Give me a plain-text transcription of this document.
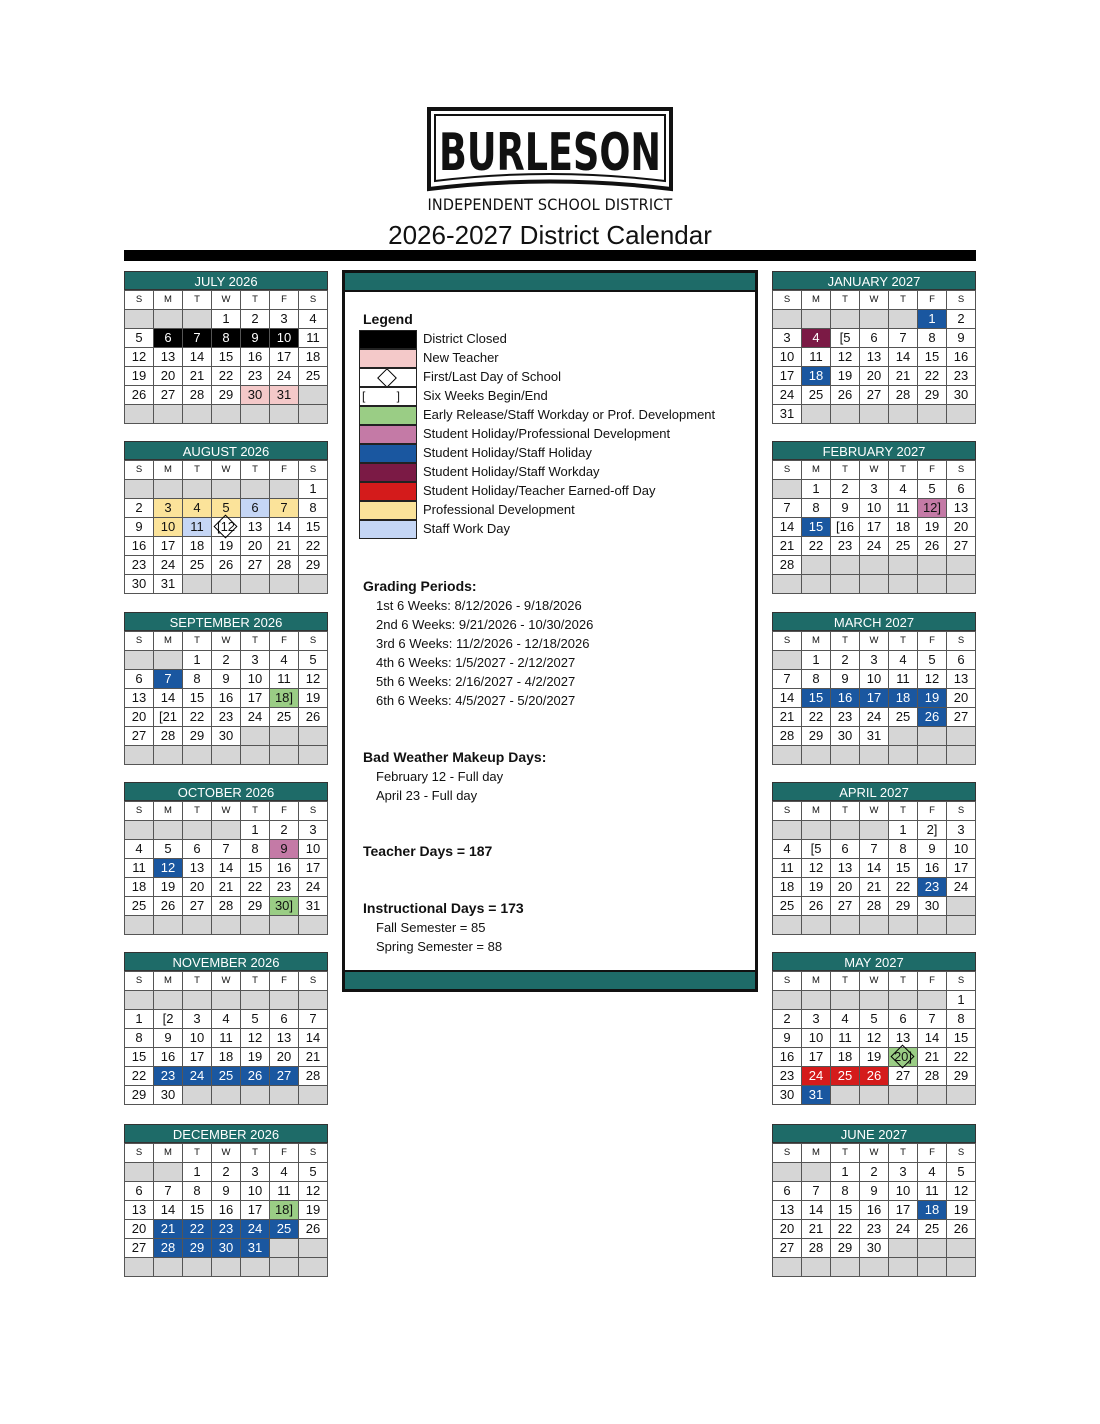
BURLESON
INDEPENDENT SCHOOL DISTRICT
2026-2027 District Calendar
JULY 2026
S	M	T	W	T	F	S
			1	2	3	4
5	6	7	8	9	10	11
12	13	14	15	16	17	18
19	20	21	22	23	24	25
26	27	28	29	30	31	

AUGUST 2026
S	M	T	W	T	F	S
						1
2	3	4	5	6	7	8
9	10	11	[12	13	14	15
16	17	18	19	20	21	22
23	24	25	26	27	28	29
30	31					
SEPTEMBER 2026
S	M	T	W	T	F	S
		1	2	3	4	5
6	7	8	9	10	11	12
13	14	15	16	17	18]	19
20	[21	22	23	24	25	26
27	28	29	30			

OCTOBER 2026
S	M	T	W	T	F	S
				1	2	3
4	5	6	7	8	9	10
11	12	13	14	15	16	17
18	19	20	21	22	23	24
25	26	27	28	29	30]	31

NOVEMBER 2026
S	M	T	W	T	F	S

1	[2	3	4	5	6	7
8	9	10	11	12	13	14
15	16	17	18	19	20	21
22	23	24	25	26	27	28
29	30					
DECEMBER 2026
S	M	T	W	T	F	S
		1	2	3	4	5
6	7	8	9	10	11	12
13	14	15	16	17	18]	19
20	21	22	23	24	25	26
27	28	29	30	31		

JANUARY 2027
S	M	T	W	T	F	S
					1	2
3	4	[5	6	7	8	9
10	11	12	13	14	15	16
17	18	19	20	21	22	23
24	25	26	27	28	29	30
31						
FEBRUARY 2027
S	M	T	W	T	F	S
	1	2	3	4	5	6
7	8	9	10	11	12]	13
14	15	[16	17	18	19	20
21	22	23	24	25	26	27
28						

MARCH 2027
S	M	T	W	T	F	S
	1	2	3	4	5	6
7	8	9	10	11	12	13
14	15	16	17	18	19	20
21	22	23	24	25	26	27
28	29	30	31			

APRIL 2027
S	M	T	W	T	F	S
				1	2]	3
4	[5	6	7	8	9	10
11	12	13	14	15	16	17
18	19	20	21	22	23	24
25	26	27	28	29	30	

MAY 2027
S	M	T	W	T	F	S
						1
2	3	4	5	6	7	8
9	10	11	12	13	14	15
16	17	18	19	20]	21	22
23	24	25	26	27	28	29
30	31					
JUNE 2027
S	M	T	W	T	F	S
		1	2	3	4	5
6	7	8	9	10	11	12
13	14	15	16	17	18	19
20	21	22	23	24	25	26
27	28	29	30			

Legend
District Closed
New Teacher
First/Last Day of School
[ ] Six Weeks Begin/End
Early Release/Staff Workday or Prof. Development
Student Holiday/Professional Development
Student Holiday/Staff Holiday
Student Holiday/Staff Workday
Student Holiday/Teacher Earned-off Day
Professional Development
Staff Work Day
Grading Periods:
1st 6 Weeks: 8/12/2026 - 9/18/2026
2nd 6 Weeks: 9/21/2026 - 10/30/2026
3rd 6 Weeks: 11/2/2026 - 12/18/2026
4th 6 Weeks: 1/5/2027 - 2/12/2027
5th 6 Weeks: 2/16/2027 - 4/2/2027
6th 6 Weeks: 4/5/2027 - 5/20/2027
Bad Weather Makeup Days:
February 12 - Full day
April 23 - Full day
Teacher Days = 187
Instructional Days = 173
Fall Semester = 85
Spring Semester = 88
